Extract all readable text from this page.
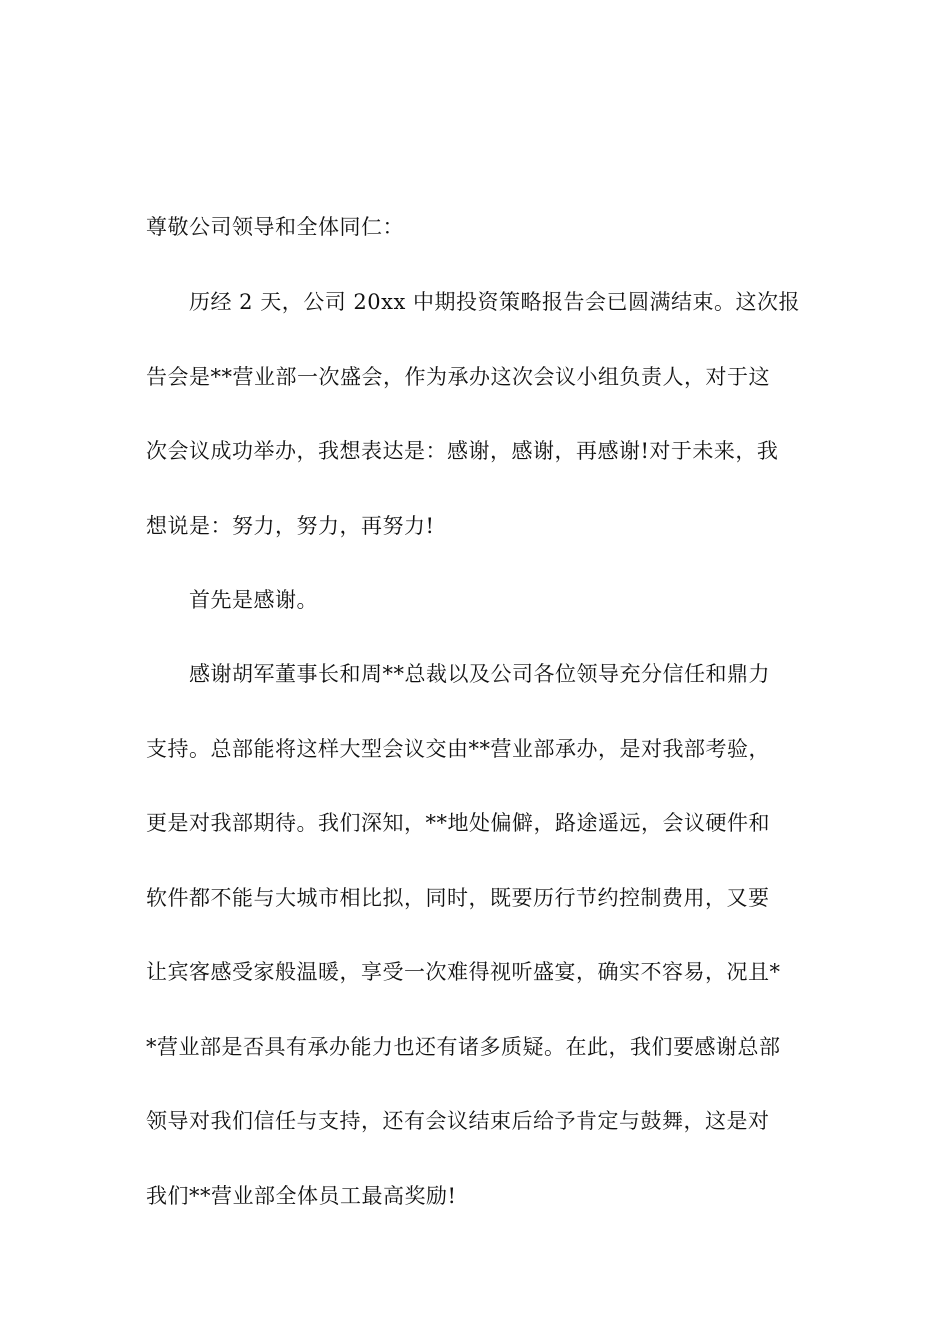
尊敬公司领导和全体同仁：
历经 2 天，公司 20xx 中期投资策略报告会已圆满结束。这次报
告会是**营业部一次盛会，作为承办这次会议小组负责人，对于这
次会议成功举办，我想表达是：感谢，感谢，再感谢!对于未来，我
想说是：努力，努力，再努力!
首先是感谢。
感谢胡军董事长和周**总裁以及公司各位领导充分信任和鼎力
支持。总部能将这样大型会议交由**营业部承办，是对我部考验，
更是对我部期待。我们深知，**地处偏僻，路途遥远，会议硬件和
软件都不能与大城市相比拟，同时，既要历行节约控制费用，又要
让宾客感受家般温暖，享受一次难得视听盛宴，确实不容易，况且*
*营业部是否具有承办能力也还有诸多质疑。在此，我们要感谢总部
领导对我们信任与支持，还有会议结束后给予肯定与鼓舞，这是对
我们**营业部全体员工最高奖励!
